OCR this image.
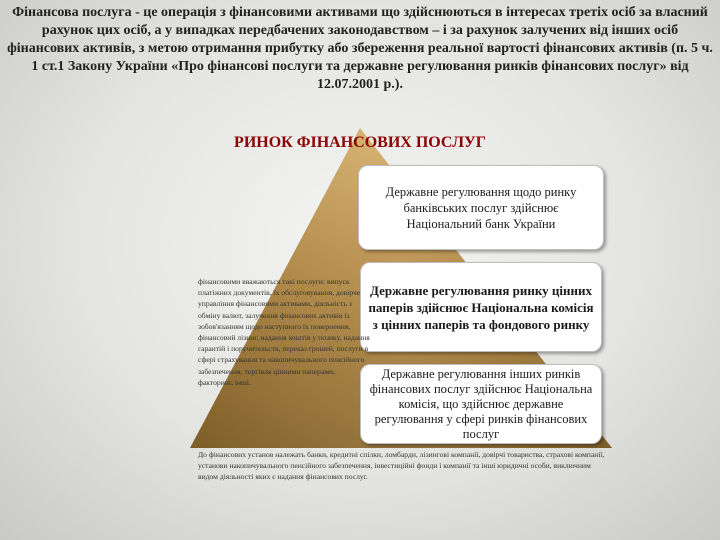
Фінансова послуга - це операція з фінансовими активами що здійснюються в інтересах третіх осіб за власний рахунок цих осіб, а у випадках передбачених законодавством – і за рахунок залучених від інших осіб фінансових активів, з метою отримання прибутку або збереження реальної вартості фінансових активів (п. 5 ч. 1 ст.1 Закону України «Про фінансові послуги та державне регулювання ринків фінансових послуг» від 12.07.2001 р.).

РИНОК ФІНАНСОВИХ ПОСЛУГ
Державне регулювання щодо ринку банківських послуг здійснює Національний банк України
Державне регулювання ринку цінних паперів здійснює Національна комісія з цінних паперів та фондового ринку
Державне регулювання інших ринків фінансових послуг здійснює Національна комісія, що здійснює державне регулювання у сфері ринків фінансових послуг

фінансовими вважаються такі послуги: випуск платіжних документів, їх обслуговування, довірче управління фінансовими активами, діяльність з обміну валют, залучення фінансових активів із зобов'язанням щодо наступного їх повернення, фінансовий лізинг, надання коштів у позику, надання гарантій і поручительств, переказ грошей, послуги в сфері страхування та накопичувального пенсійного забезпечення, торгівля цінними паперами, факторинг, інші.

До фінансових установ належать банки, кредитні спілки, ломбарди, лізингові компанії, довірчі товариства, страхові компанії, установи накопичувального пенсійного забезпечення, інвестиційні фонди і компанії та інші юридичні особи, виключним видом діяльності яких є надання фінансових послуг.
